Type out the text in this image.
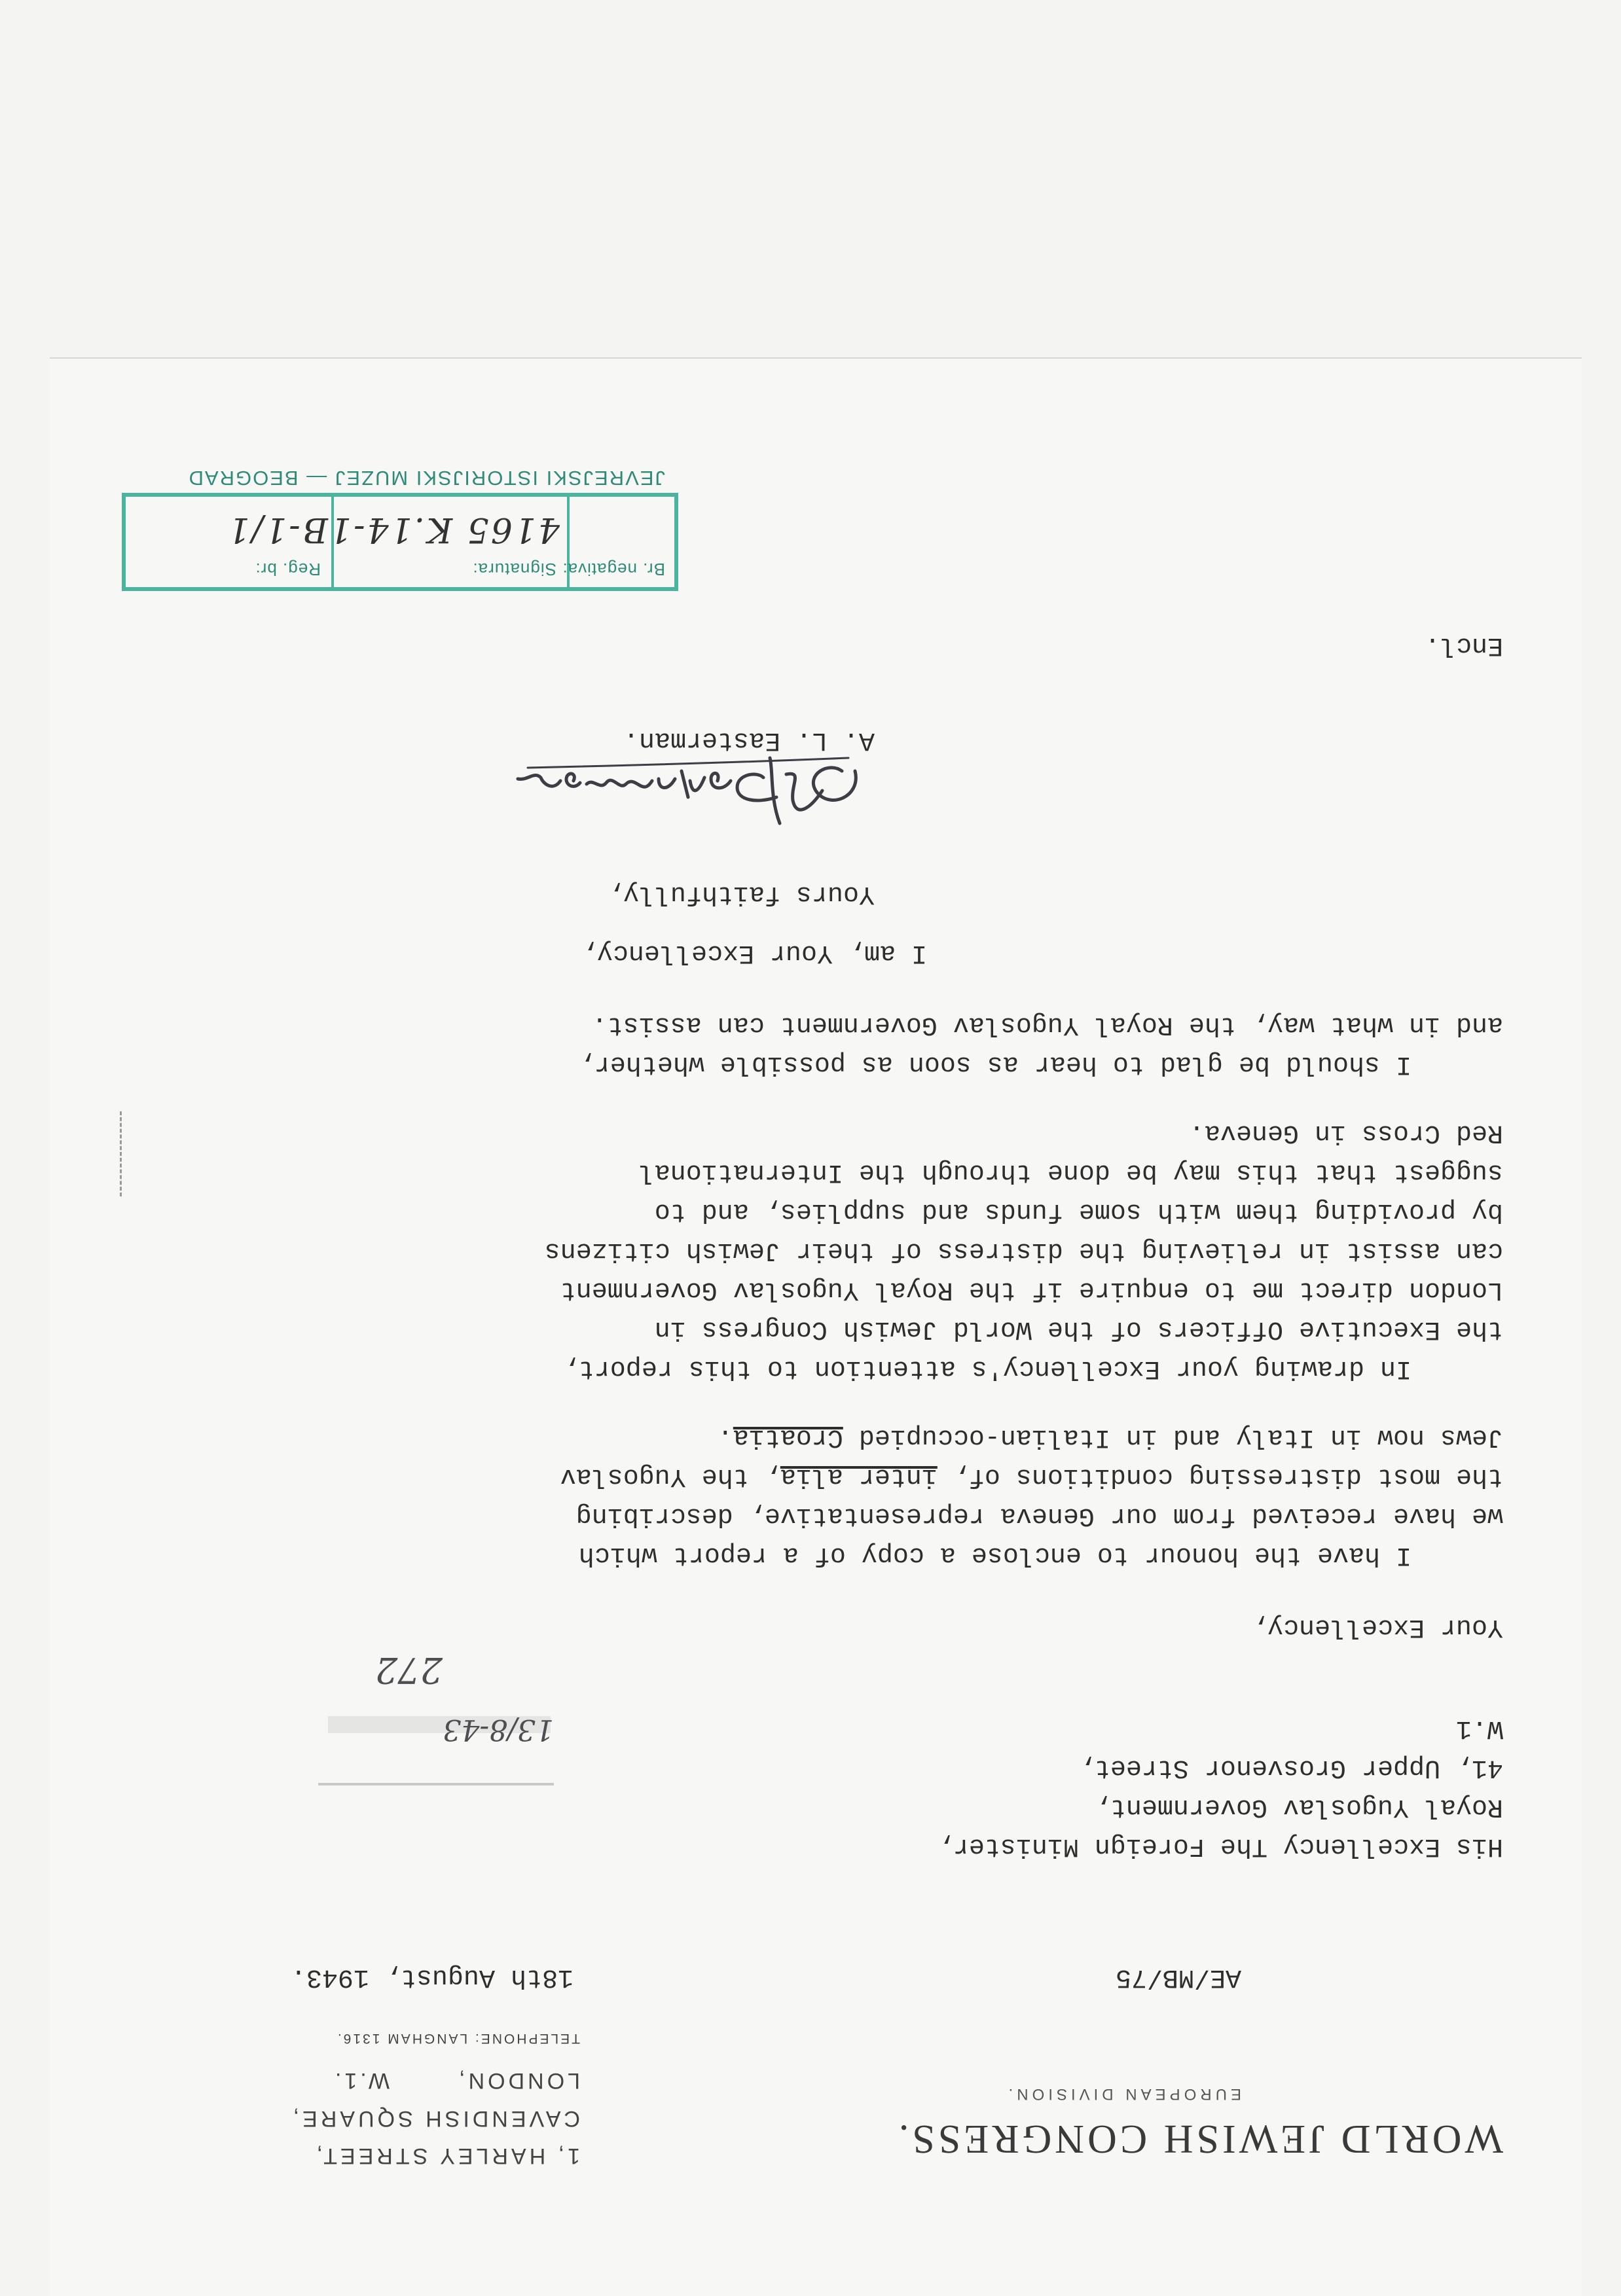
WORLD JEWISH CONGRESS.
EUROPEAN DIVISION.
1, HARLEY STREET,
CAVENDISH SQUARE,
LONDON,       W.1.
TELEPHONE: LANGHAM 1316.
AE/MB/75
18th August, 1943.
His Excellency The Foreign Minister,
Royal Yugoslav Government,
41, Upper Grosvenor Street,
W.1
272
13/8-43
Your Excellency,
I have the honour to enclose a copy of a report which
we have received from our Geneva representative, describing
the most distressing conditions of, inter alia, the Yugoslav
Jews now in Italy and in Italian-occupied Croatia.
In drawing your Excellency's attention to this report,
the Executive Officers of the World Jewish Congress in
London direct me to enquire if the Royal Yugoslav Government
can assist in relieving the distress of their Jewish citizens
by providing them with some funds and supplies, and to
suggest that this may be done through the International
Red Cross in Geneva.
I should be glad to hear as soon as possible whether,
and in what way, the Royal Yugoslav Government can assist.
I am, Your Excellency,
Yours faithfully,
A. L. Easterman.
Encl.
Br. negativa:
Signatura:
Reg. br:
4165 K.14-1B-1/1
JEVREJSKI ISTORIJSKI MUZEJ — BEOGRAD
